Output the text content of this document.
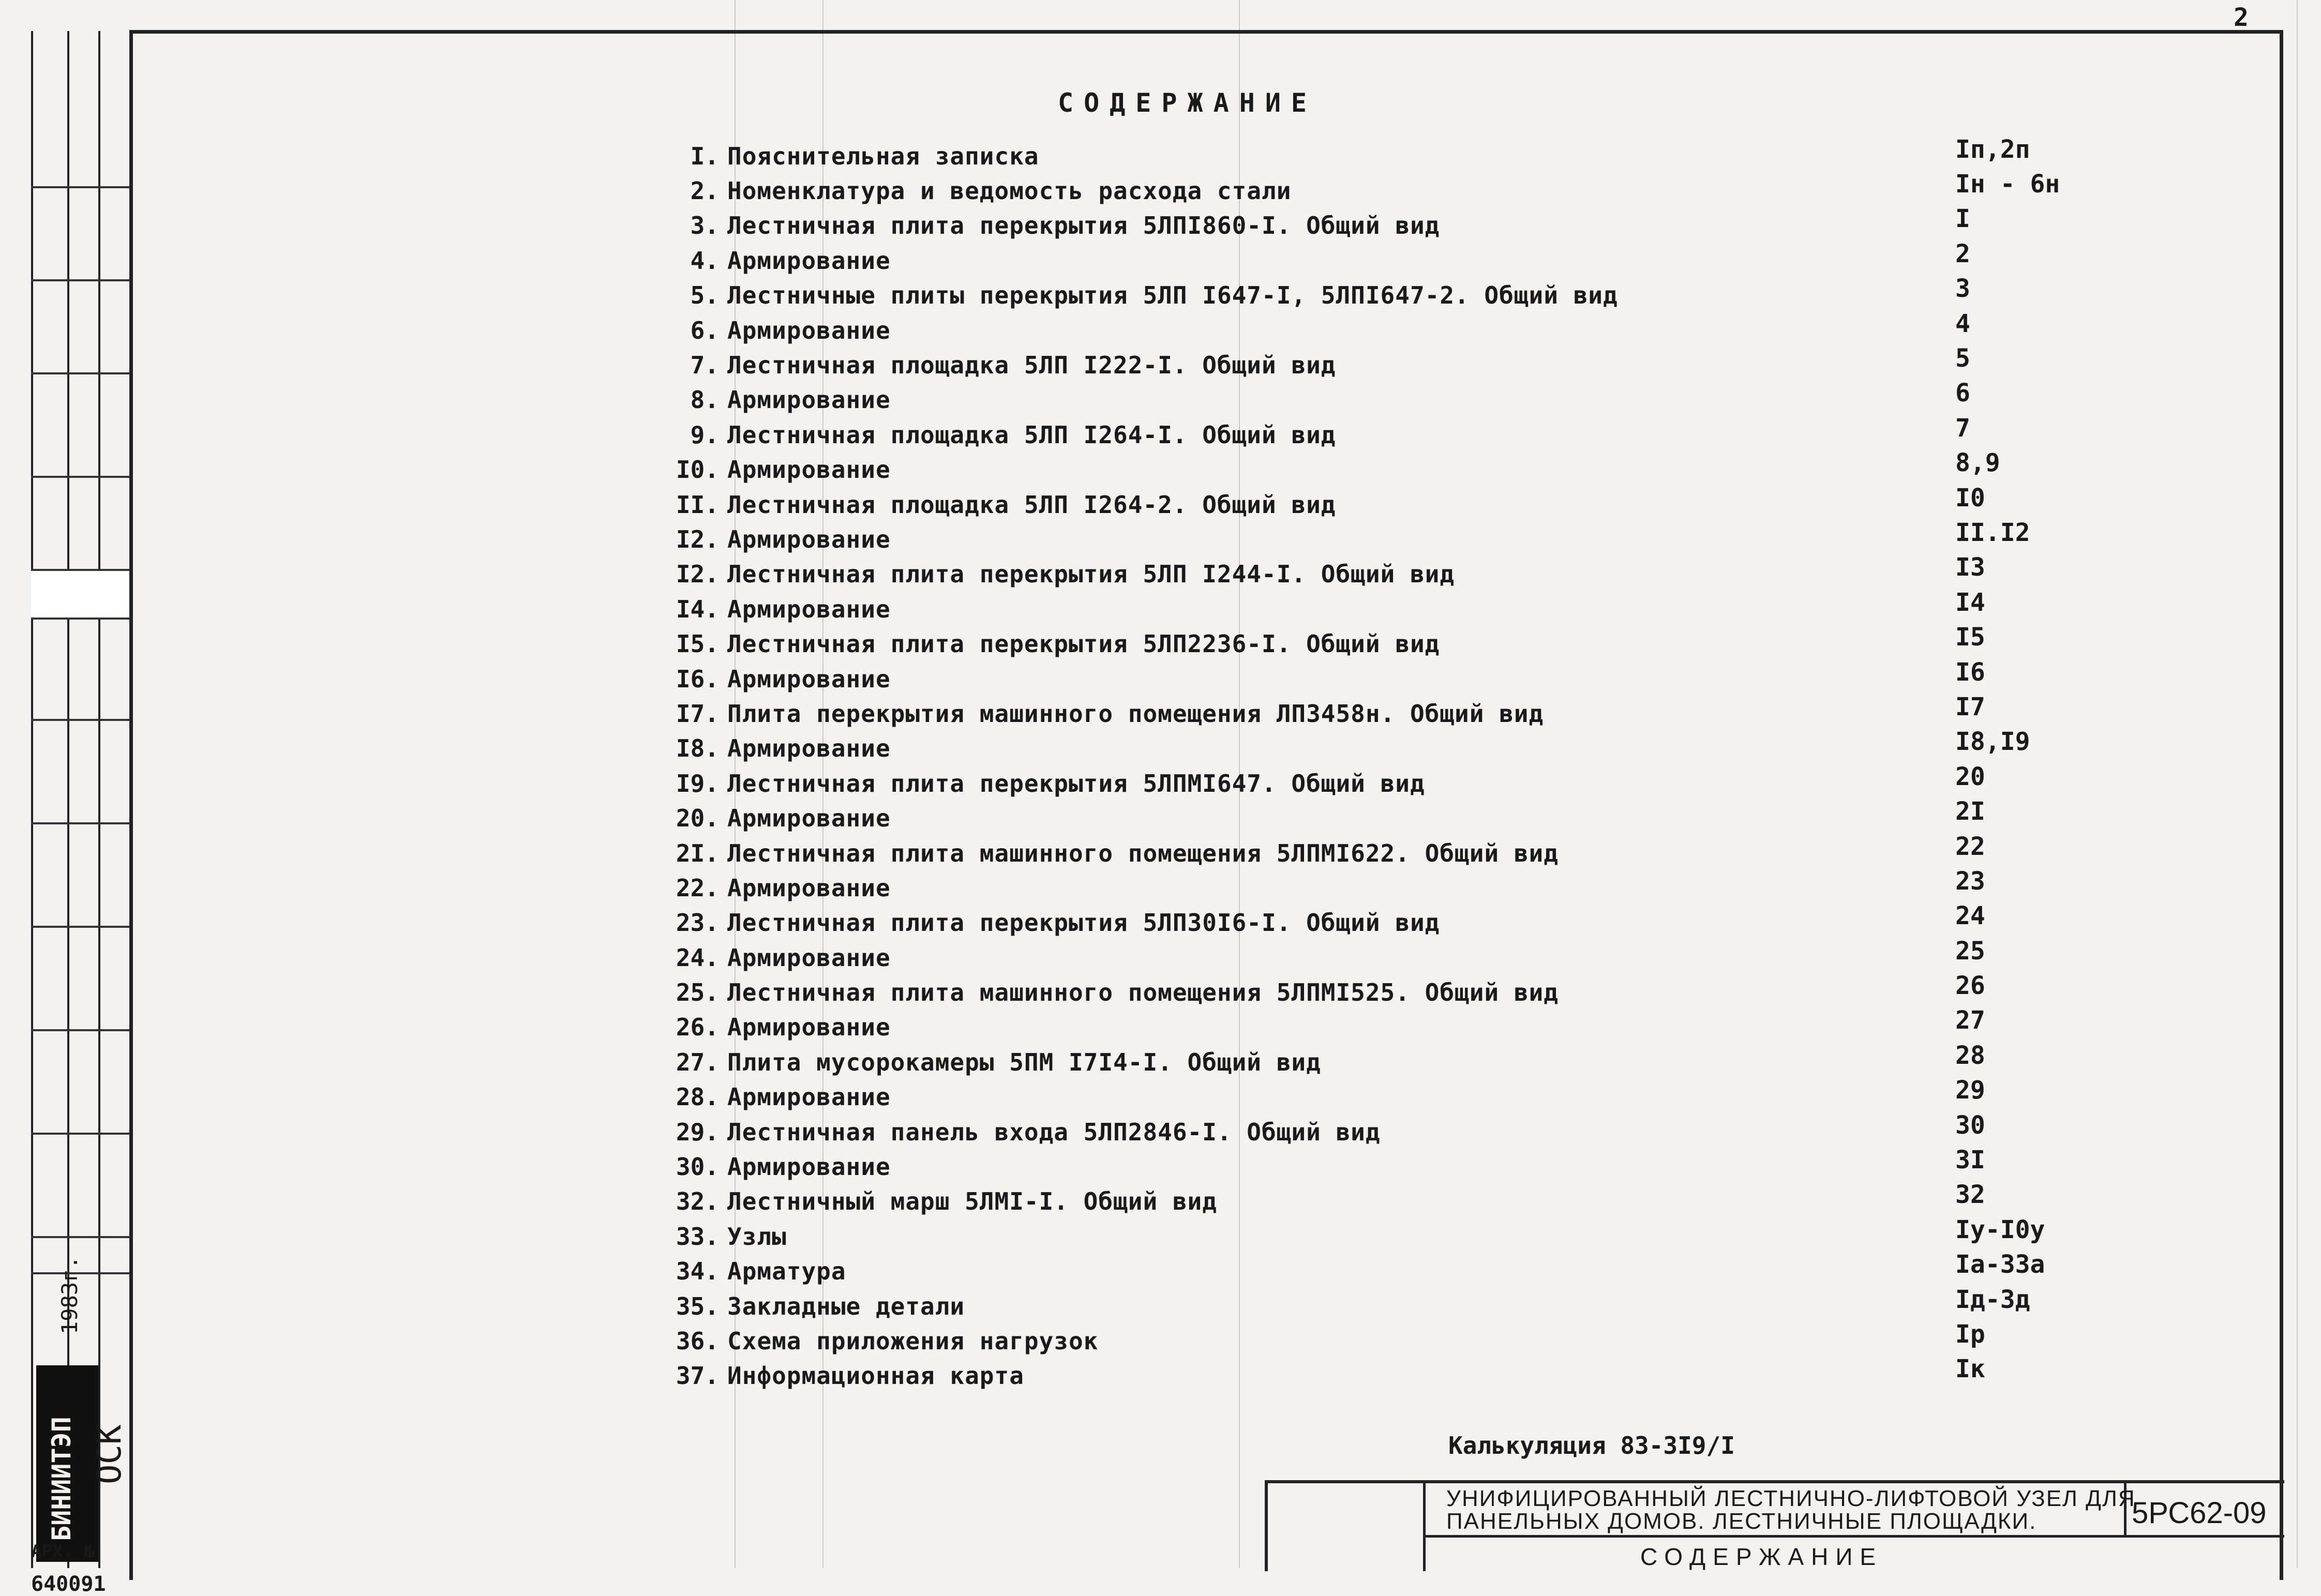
2
1983г.
БИНИИТЭП ОСК
АРХ. №
640091
СОДЕРЖАНИЕ
I. Пояснительная записка
2. Номенклатура и ведомость расхода стали
3. Лестничная плита перекрытия 5ЛПI860-I. Общий вид
4. Армирование
5. Лестничные плиты перекрытия 5ЛП I647-I, 5ЛПI647-2. Общий вид
6. Армирование
7. Лестничная площадка 5ЛП I222-I. Общий вид
8. Армирование
9. Лестничная площадка 5ЛП I264-I. Общий вид
I0. Армирование
II. Лестничная площадка 5ЛП I264-2. Общий вид
I2. Армирование
I2. Лестничная плита перекрытия 5ЛП I244-I. Общий вид
I4. Армирование
I5. Лестничная плита перекрытия 5ЛП2236-I. Общий вид
I6. Армирование
I7. Плита перекрытия машинного помещения ЛП3458н. Общий вид
I8. Армирование
I9. Лестничная плита перекрытия 5ЛПМI647. Общий вид
20. Армирование
2I. Лестничная плита машинного помещения 5ЛПМI622. Общий вид
22. Армирование
23. Лестничная плита перекрытия 5ЛП30I6-I. Общий вид
24. Армирование
25. Лестничная плита машинного помещения 5ЛПМI525. Общий вид
26. Армирование
27. Плита мусорокамеры 5ПМ I7I4-I. Общий вид
28. Армирование
29. Лестничная панель входа 5ЛП2846-I. Общий вид
30. Армирование
32. Лестничный марш 5ЛМI-I. Общий вид
33. Узлы
34. Арматура
35. Закладные детали
36. Схема приложения нагрузок
37. Информационная карта
Iп,2п
Iн - 6н
I
2
3
4
5
6
7
8,9
I0
II.I2
I3
I4
I5
I6
I7
I8,I9
20
2I
22
23
24
25
26
27
28
29
30
3I
32
Iу-I0у
Iа-33а
Iд-3д
Iр
Iк
Калькуляция 83-3I9/I
УНИФИЦИРОВАННЫЙ ЛЕСТНИЧНО-ЛИФТОВОЙ УЗЕЛ ДЛЯ
ПАНЕЛЬНЫХ ДОМОВ. ЛЕСТНИЧНЫЕ ПЛОЩАДКИ.	5РС62-09
СОДЕРЖАНИЕ
